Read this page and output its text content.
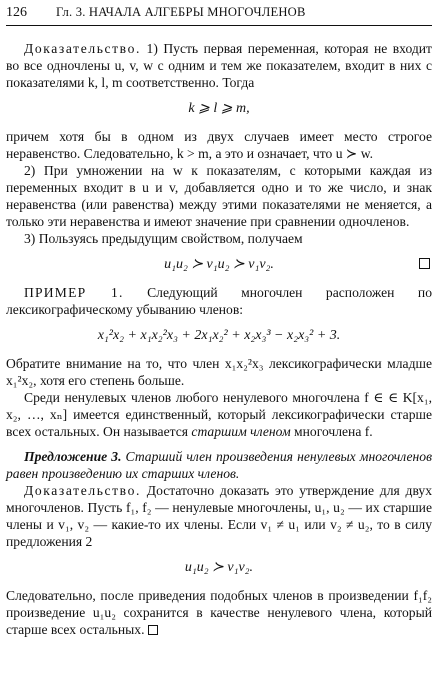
126	Гл. 3. НАЧАЛА АЛГЕБРЫ МНОГОЧЛЕНОВ

Доказательство. 1) Пусть первая переменная, которая не входит во все одночлены u, v, w с одним и тем же показателем, входит в них с показателями k, l, m соответственно. Тогда

k ⩾ l ⩾ m,

причем хотя бы в одном из двух случаев имеет место строгое неравенство. Следовательно, k > m, а это и означает, что u ≻ w.

2) При умножении на w к показателям, с которыми каждая из переменных входит в u и v, добавляется одно и то же число, и знак неравенства (или равенства) между этими показателями не меняется, а только эти неравенства и имеют значение при сравнении одночленов.

3) Пользуясь предыдущим свойством, получаем

u₁u₂ ≻ v₁u₂ ≻ v₁v₂.

ПРИМЕР 1. Следующий многочлен расположен по лексикографическому убыванию членов:

x₁²x₂ + x₁x₂²x₃ + 2x₁x₂² + x₂x₃³ − x₂x₃² + 3.

Обратите внимание на то, что член x₁x₂²x₃ лексикографически младше x₁²x₂, хотя его степень больше.

Среди ненулевых членов любого ненулевого многочлена f ∈ ∈ K[x₁, x₂, …, xₙ] имеется единственный, который лексикографически старше всех остальных. Он называется старшим членом многочлена f.

Предложение 3. Старший член произведения ненулевых многочленов равен произведению их старших членов.

Доказательство. Достаточно доказать это утверждение для двух многочленов. Пусть f₁, f₂ — ненулевые многочлены, u₁, u₂ — их старшие члены и v₁, v₂ — какие-то их члены. Если v₁ ≠ u₁ или v₂ ≠ u₂, то в силу предложения 2

u₁u₂ ≻ v₁v₂.

Следовательно, после приведения подобных членов в произведении f₁f₂ произведение u₁u₂ сохранится в качестве ненулевого члена, который старше всех остальных.
